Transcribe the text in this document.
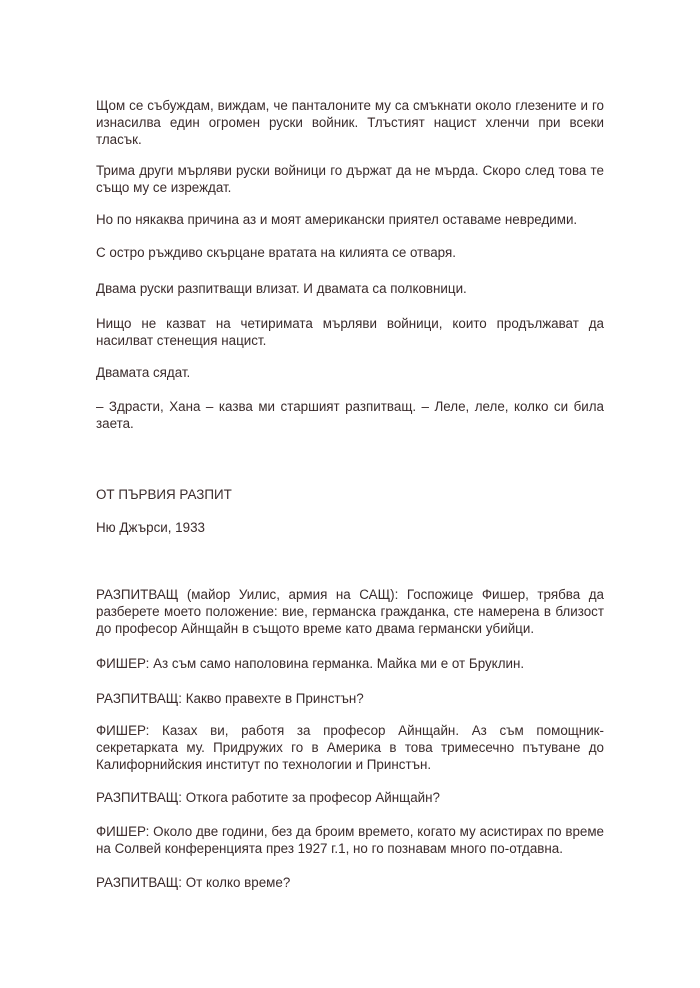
Щом се събуждам, виждам, че панталоните му са смъкнати около глезените и го изнасилва един огромен руски войник. Тлъстият нацист хленчи при всеки тласък.

Трима други мърляви руски войници го държат да не мърда. Скоро след това те също му се изреждат.

Но по някаква причина аз и моят американски приятел оставаме невредими.

С остро ръждиво скърцане вратата на килията се отваря.

Двама руски разпитващи влизат. И двамата са полковници.

Нищо не казват на четиримата мърляви войници, които продължават да насилват стенещия нацист.

Двамата сядат.

– Здрасти, Хана – казва ми старшият разпитващ. – Леле, леле, колко си била заета.

ОТ ПЪРВИЯ РАЗПИТ

Ню Джърси, 1933

РАЗПИТВАЩ (майор Уилис, армия на САЩ): Госпожице Фишер, трябва да разберете моето положение: вие, германска гражданка, сте намерена в близост до професор Айнщайн в същото време като двама германски убийци.

ФИШЕР: Аз съм само наполовина германка. Майка ми е от Бруклин.

РАЗПИТВАЩ: Какво правехте в Принстън?

ФИШЕР: Казах ви, работя за професор Айнщайн. Аз съм помощник-секретарката му. Придружих го в Америка в това тримесечно пътуване до Калифорнийския институт по технологии и Принстън.

РАЗПИТВАЩ: Откога работите за професор Айнщайн?

ФИШЕР: Около две години, без да броим времето, когато му асистирах по време на Солвей конференцията през 1927 г.1, но го познавам много по-отдавна.

РАЗПИТВАЩ: От колко време?
